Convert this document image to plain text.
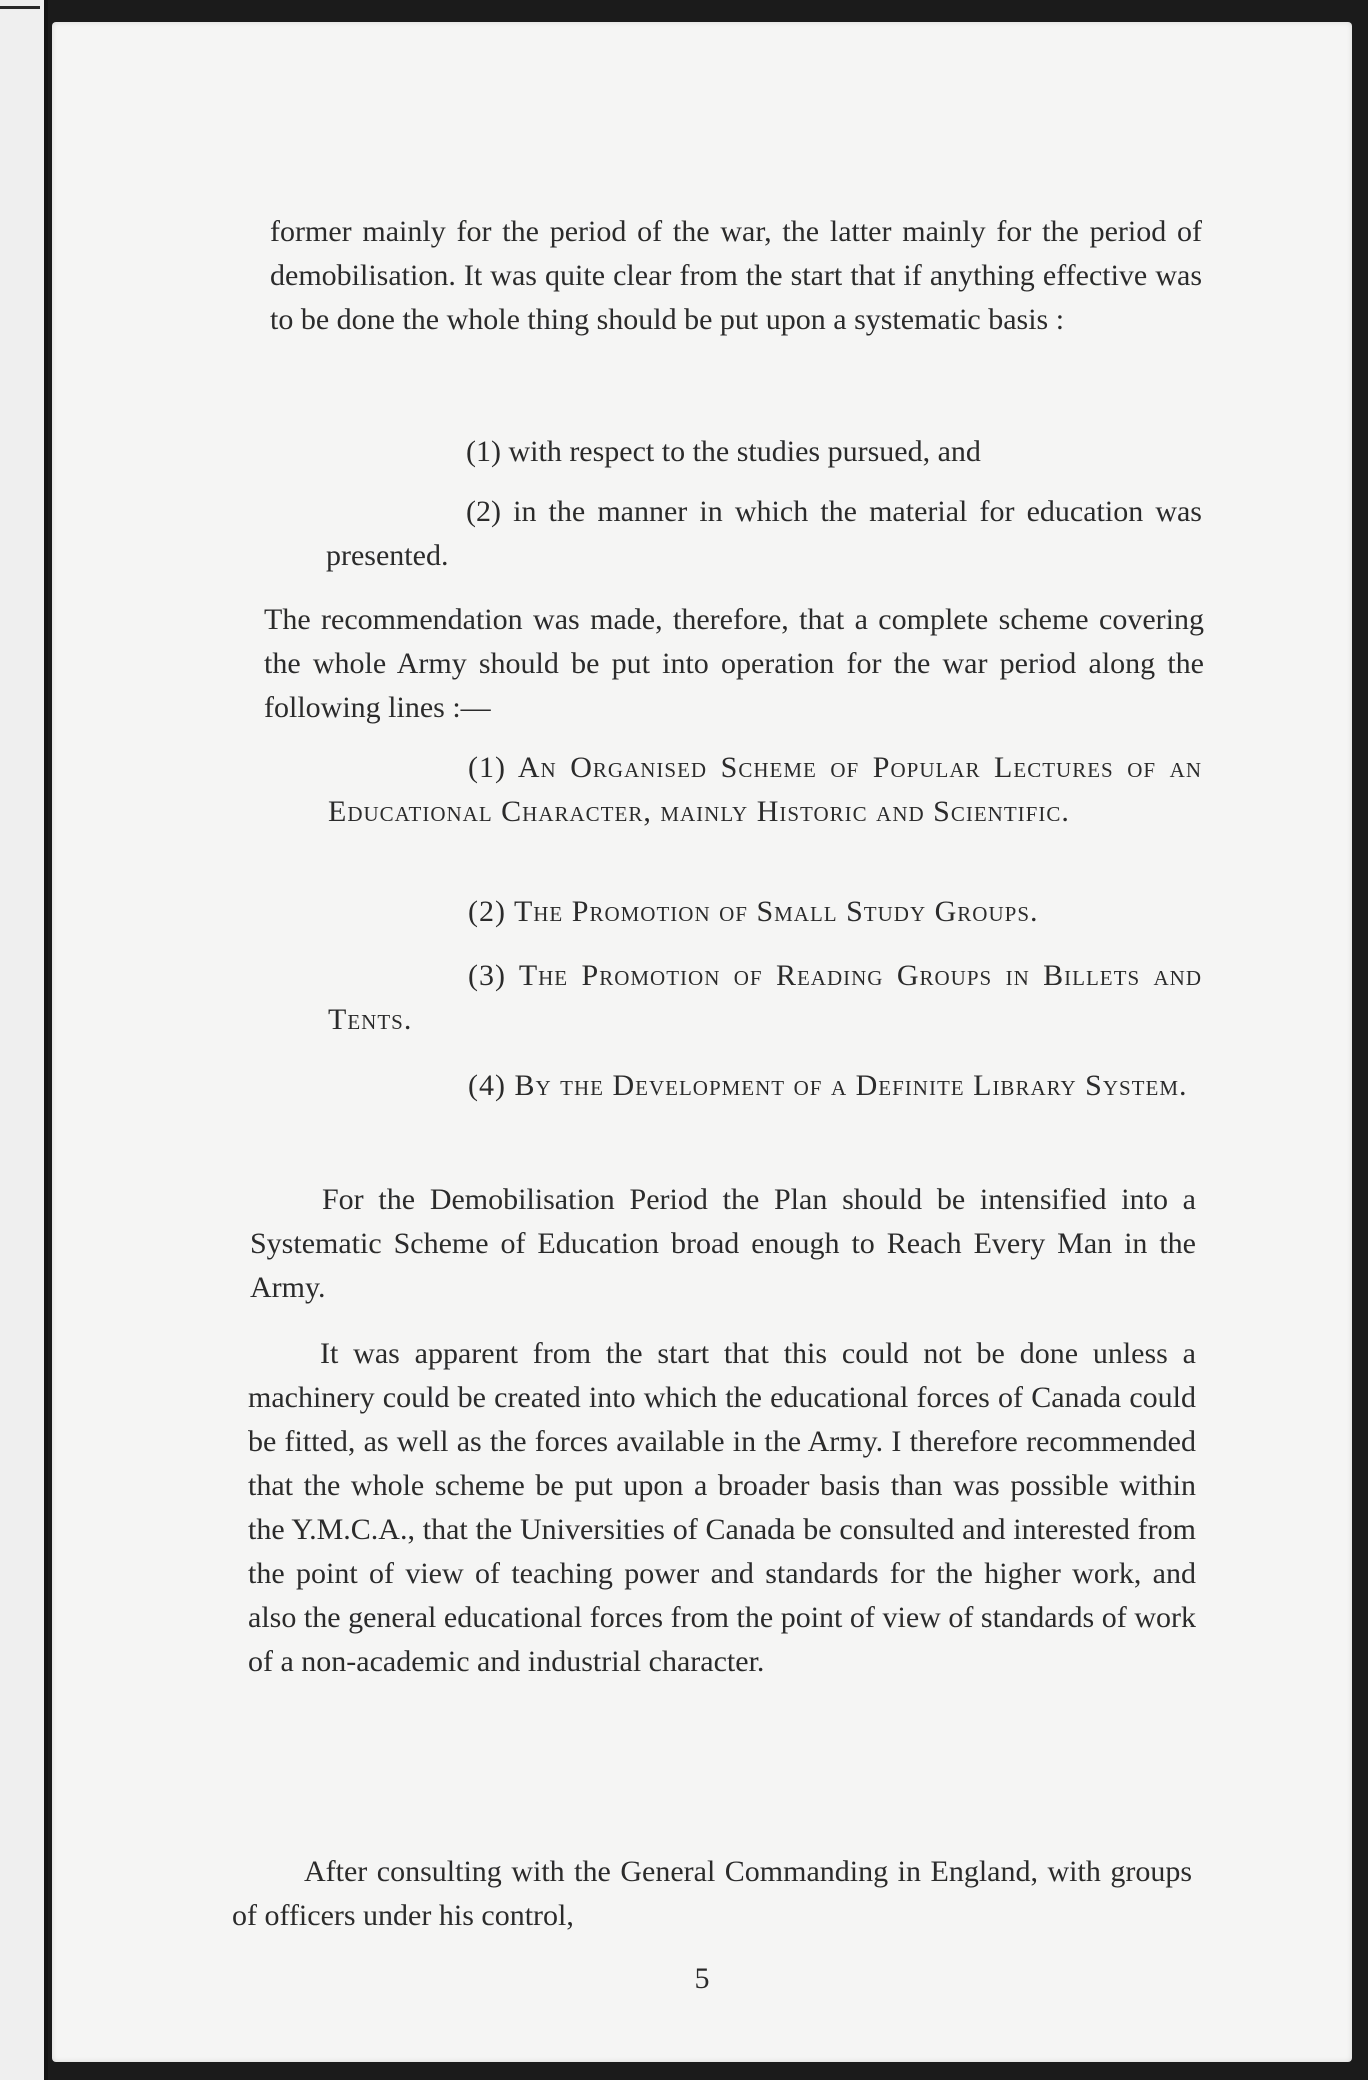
former mainly for the period of the war, the latter mainly for the period of demobilisation. It was quite clear from the start that if anything effective was to be done the whole thing should be put upon a systematic basis :
(1) with respect to the studies pursued, and
(2) in the manner in which the material for education was presented.
The recommendation was made, therefore, that a complete scheme covering the whole Army should be put into operation for the war period along the following lines :—
(1) An Organised Scheme of Popular Lectures of an Educational Character, mainly Historic and Scientific.
(2) The Promotion of Small Study Groups.
(3) The Promotion of Reading Groups in Billets and Tents.
(4) By the Development of a Definite Library System.
For the Demobilisation Period the Plan should be intensified into a Systematic Scheme of Education broad enough to Reach Every Man in the Army.
It was apparent from the start that this could not be done unless a machinery could be created into which the educational forces of Canada could be fitted, as well as the forces available in the Army. I therefore recommended that the whole scheme be put upon a broader basis than was possible within the Y.M.C.A., that the Universities of Canada be consulted and interested from the point of view of teaching power and standards for the higher work, and also the general educational forces from the point of view of standards of work of a non-academic and industrial character.
After consulting with the General Commanding in England, with groups of officers under his control,
5
